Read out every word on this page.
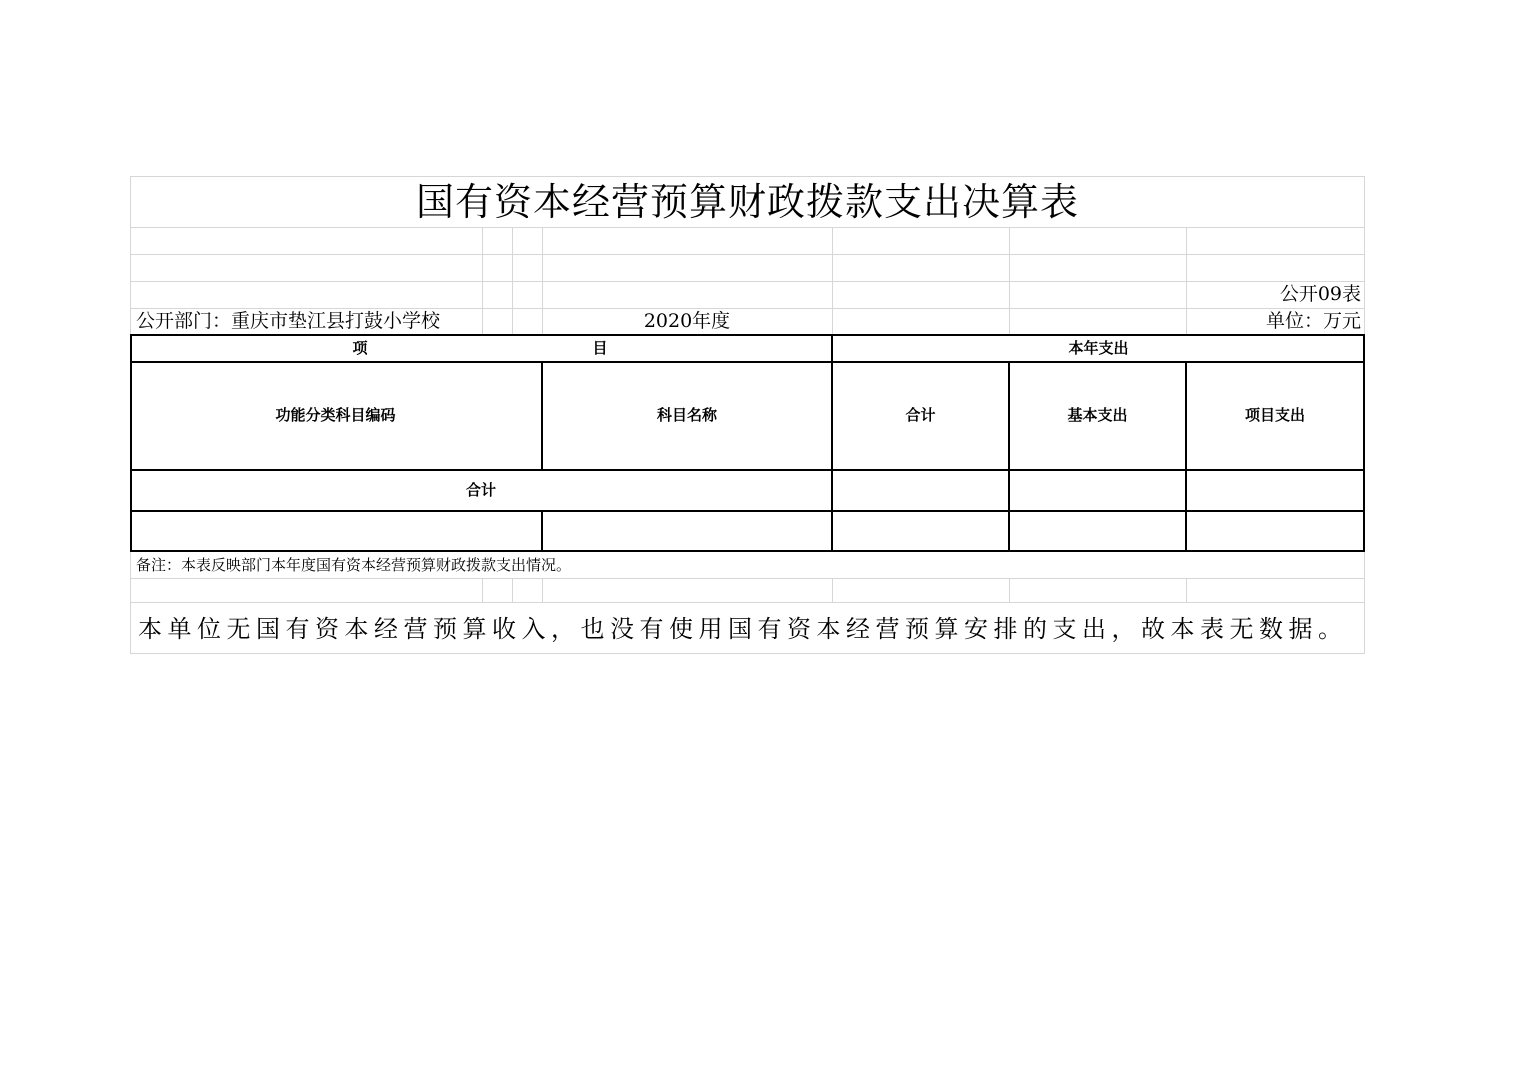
国有资本经营预算财政拨款支出决算表
公开09表
公开部门：重庆市垫江县打鼓小学校	2020年度	单位：万元
项	目	本年支出
功能分类科目编码	科目名称	合计	基本支出	项目支出
合计
备注：本表反映部门本年度国有资本经营预算财政拨款支出情况。
本单位无国有资本经营预算收入，也没有使用国有资本经营预算安排的支出，故本表无数据。
